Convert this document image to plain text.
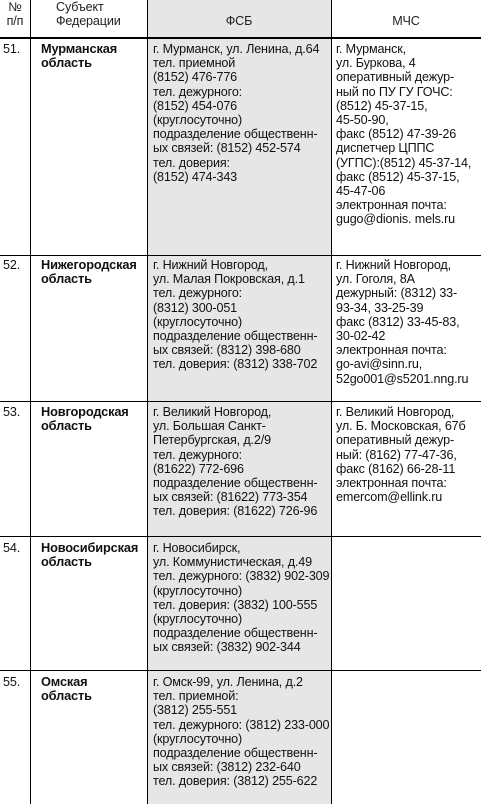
№
п/п
Субъект
Федерации	ФСБ	МЧС
51. Мурманская
область
г. Мурманск, ул. Ленина, д.64
тел. приемной
(8152) 476-776
тел. дежурного:
(8152) 454-076
(круглосуточно)
подразделение общественн-
ых связей: (8152) 452-574
тел. доверия:
(8152) 474-343
г. Мурманск,
ул. Буркова, 4
оперативный дежур-
ный по ПУ ГУ ГОЧС:
(8512) 45-37-15,
45-50-90,
факс (8512) 47-39-26
диспетчер ЦППС
(УГПС):(8512) 45-37-14,
факс (8512) 45-37-15,
45-47-06
электронная почта:
gugo@dionis. mels.ru
52. Нижегородская
область
г. Нижний Новгород,
ул. Малая Покровская, д.1
тел. дежурного:
(8312) 300-051
(круглосуточно)
подразделение общественн-
ых связей: (8312) 398-680
тел. доверия: (8312) 338-702
г. Нижний Новгород,
ул. Гоголя, 8А
дежурный: (8312) 33-
93-34, 33-25-39
факс (8312) 33-45-83,
30-02-42
электронная почта:
go-avi@sinn.ru,
52go001@s5201.nng.ru
53. Новгородская
область
г. Великий Новгород,
ул. Большая Санкт-
Петербургская, д.2/9
тел. дежурного:
(81622) 772-696
подразделение общественн-
ых связей: (81622) 773-354
тел. доверия: (81622) 726-96
г. Великий Новгород,
ул. Б. Московская, 67б
оперативный дежур-
ный: (8162) 77-47-36,
факс (8162) 66-28-11
электронная почта:
emercom@ellink.ru
54. Новосибирская
область
г. Новосибирск,
ул. Коммунистическая, д.49
тел. дежурного: (3832) 902-309
(круглосуточно)
тел. доверия: (3832) 100-555
(круглосуточно)
подразделение общественн-
ых связей: (3832) 902-344
55. Омская
область
г. Омск-99, ул. Ленина, д.2
тел. приемной:
(3812) 255-551
тел. дежурного: (3812) 233-000
(круглосуточно)
подразделение общественн-
ых связей: (3812) 232-640
тел. доверия: (3812) 255-622
